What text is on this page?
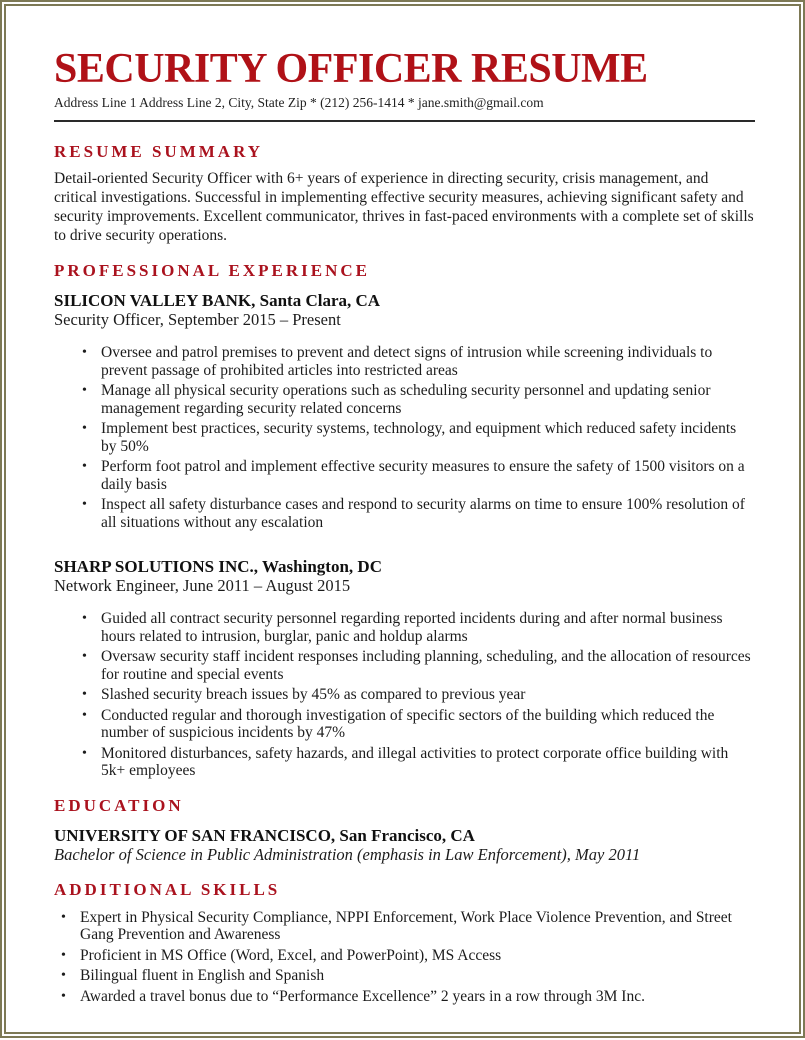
SECURITY OFFICER RESUME
Address Line 1 Address Line 2, City, State Zip * (212) 256-1414 * jane.smith@gmail.com
RESUME SUMMARY

Detail-oriented Security Officer with 6+ years of experience in directing security, crisis management, and critical investigations. Successful in implementing effective security measures, achieving significant safety and security improvements. Excellent communicator, thrives in fast-paced environments with a complete set of skills to drive security operations.

PROFESSIONAL EXPERIENCE
SILICON VALLEY BANK, Santa Clara, CA
Security Officer, September 2015 – Present
• Oversee and patrol premises to prevent and detect signs of intrusion while screening individuals to prevent passage of prohibited articles into restricted areas
• Manage all physical security operations such as scheduling security personnel and updating senior management regarding security related concerns
• Implement best practices, security systems, technology, and equipment which reduced safety incidents by 50%
• Perform foot patrol and implement effective security measures to ensure the safety of 1500 visitors on a daily basis
• Inspect all safety disturbance cases and respond to security alarms on time to ensure 100% resolution of all situations without any escalation
SHARP SOLUTIONS INC., Washington, DC
Network Engineer, June 2011 – August 2015
• Guided all contract security personnel regarding reported incidents during and after normal business hours related to intrusion, burglar, panic and holdup alarms
• Oversaw security staff incident responses including planning, scheduling, and the allocation of resources for routine and special events
• Slashed security breach issues by 45% as compared to previous year
• Conducted regular and thorough investigation of specific sectors of the building which reduced the number of suspicious incidents by 47%
• Monitored disturbances, safety hazards, and illegal activities to protect corporate office building with 5k+ employees
EDUCATION
UNIVERSITY OF SAN FRANCISCO, San Francisco, CA
Bachelor of Science in Public Administration (emphasis in Law Enforcement), May 2011
ADDITIONAL SKILLS
• Expert in Physical Security Compliance, NPPI Enforcement, Work Place Violence Prevention, and Street Gang Prevention and Awareness
• Proficient in MS Office (Word, Excel, and PowerPoint), MS Access
• Bilingual fluent in English and Spanish
• Awarded a travel bonus due to “Performance Excellence” 2 years in a row through 3M Inc.
